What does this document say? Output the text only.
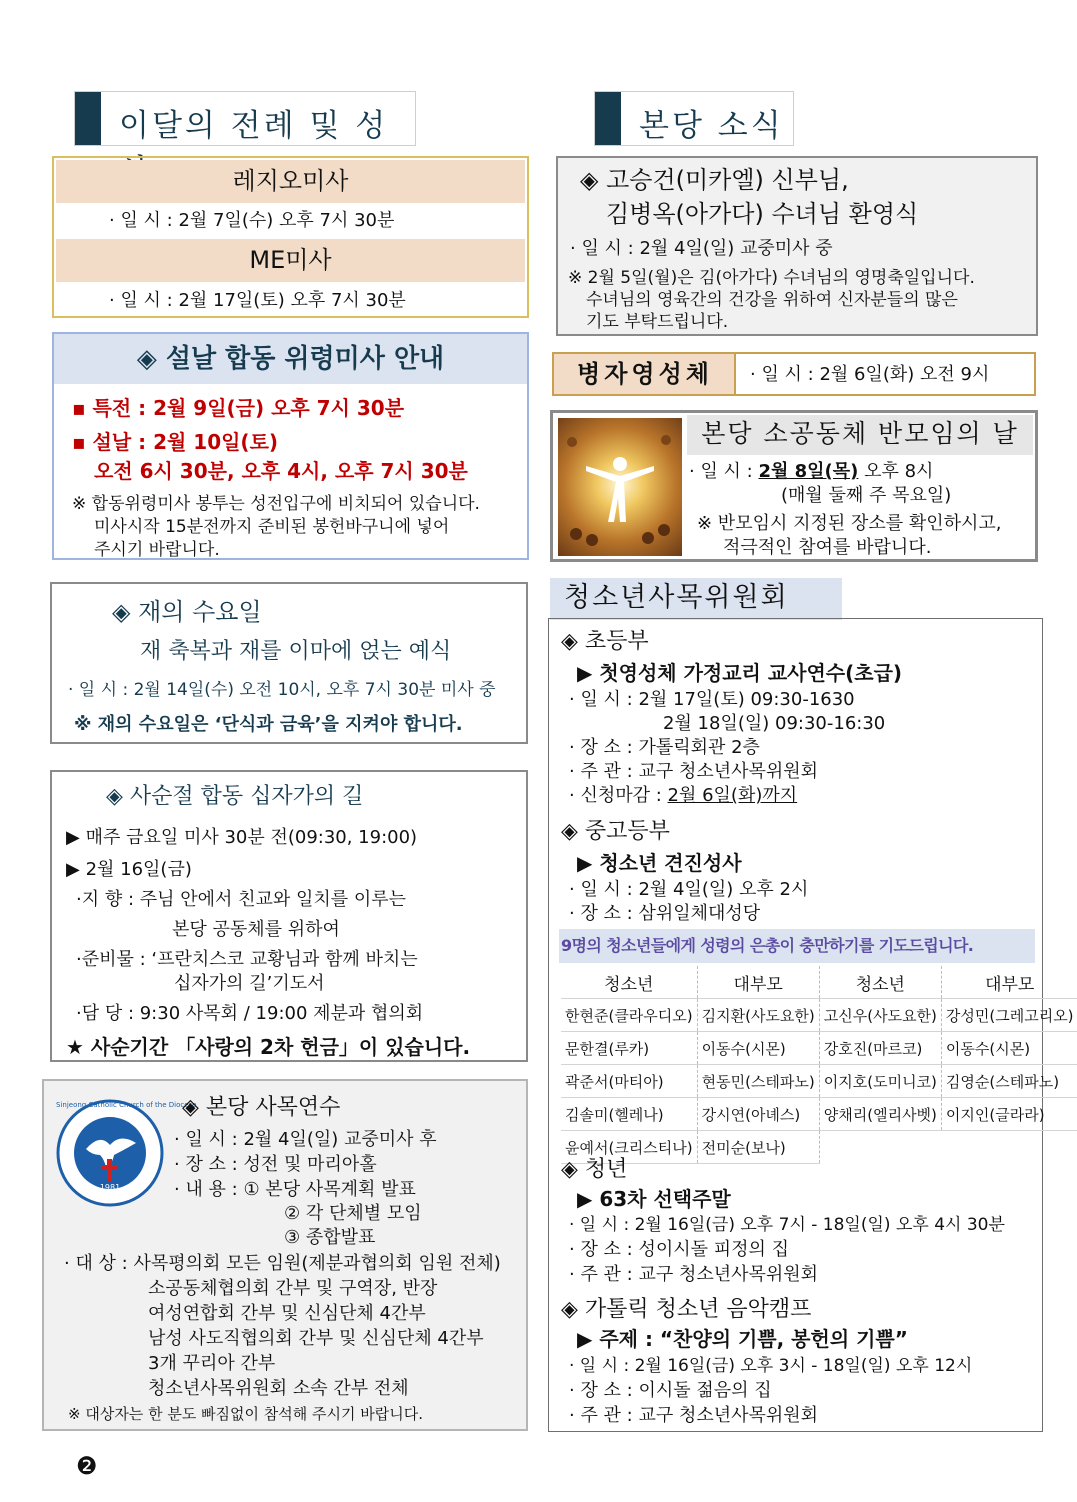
이달의 전례 및 성	본당 소식
레지오미사
· 일 시 : 2월 7일(수) 오후 7시 30분
ME미사
· 일 시 : 2월 17일(토) 오후 7시 30분
◈ 설날 합동 위령미사 안내
▪ 특전 : 2월 9일(금) 오후 7시 30분
▪ 설날 : 2월 10일(토)
오전 6시 30분, 오후 4시, 오후 7시 30분
※ 합동위령미사 봉투는 성전입구에 비치되어 있습니다.
미사시작 15분전까지 준비된 봉헌바구니에 넣어
주시기 바랍니다.
◈ 재의 수요일
재 축복과 재를 이마에 얹는 예식
· 일 시 : 2월 14일(수) 오전 10시, 오후 7시 30분 미사 중
※ 재의 수요일은 ‘단식과 금육’을 지켜야 합니다.
◈ 사순절 합동 십자가의 길
▶ 매주 금요일 미사 30분 전(09:30, 19:00)
▶ 2월 16일(금)
·지 향 : 주님 안에서 친교와 일치를 이루는
본당 공동체를 위하여
·준비물 : ‘프란치스코 교황님과 함께 바치는
십자가의 길’기도서
·담 당 : 9:30 사목회 / 19:00 제분과 협의회
★ 사순기간 「사랑의 2차 헌금」이 있습니다.
Sinjeong Catholic Church of the Diocese
1981
◈ 본당 사목연수
· 일 시 : 2월 4일(일) 교중미사 후
· 장 소 : 성전 및 마리아홀
· 내 용 : ① 본당 사목계획 발표
② 각 단체별 모임
③ 종합발표
· 대 상 : 사목평의회 모든 임원(제분과협의회 임원 전체)
소공동체협의회 간부 및 구역장, 반장
여성연합회 간부 및 신심단체 4간부
남성 사도직협의회 간부 및 신심단체 4간부
3개 꾸리아 간부
청소년사목위원회 소속 간부 전체
※ 대상자는 한 분도 빠짐없이 참석해 주시기 바랍니다.
◈ 고승건(미카엘) 신부님,
김병옥(아가다) 수녀님 환영식
· 일 시 : 2월 4일(일) 교중미사 중
※ 2월 5일(월)은 김(아가다) 수녀님의 영명축일입니다.
수녀님의 영육간의 건강을 위하여 신자분들의 많은
기도 부탁드립니다.
병자영성체	· 일 시 : 2월 6일(화) 오전 9시
본당 소공동체 반모임의 날
· 일 시 : 2월 8일(목) 오후 8시
(매월 둘째 주 목요일)
※ 반모임시 지정된 장소를 확인하시고,
적극적인 참여를 바랍니다.
청소년사목위원회
◈ 초등부
▶ 첫영성체 가정교리 교사연수(초급)
· 일 시 : 2월 17일(토) 09:30-1630
2월 18일(일) 09:30-16:30
· 장 소 : 가톨릭회관 2층
· 주 관 : 교구 청소년사목위원회
· 신청마감 : 2월 6일(화)까지
◈ 중고등부
▶ 청소년 견진성사
· 일 시 : 2월 4일(일) 오후 2시
· 장 소 : 삼위일체대성당
9명의 청소년들에게 성령의 은총이 충만하기를 기도드립니다.
청소년	대부모	청소년	대부모
한현준(클라우디오)	김지환(사도요한)	고신우(사도요한)	강성민(그레고리오)
문한결(루카)	이동수(시몬)	강호진(마르코)	이동수(시몬)
곽준서(마티아)	현동민(스테파노)	이지호(도미니코)	김영순(스테파노)
김솔미(헬레나)	강시연(아녜스)	양채리(엘리사벳)	이지인(글라라)
윤예서(크리스티나)	전미순(보나)		
◈ 청년
▶ 63차 선택주말
· 일 시 : 2월 16일(금) 오후 7시 - 18일(일) 오후 4시 30분
· 장 소 : 성이시돌 피정의 집
· 주 관 : 교구 청소년사목위원회
◈ 가톨릭 청소년 음악캠프
▶ 주제 : “찬양의 기쁨, 봉헌의 기쁨”
· 일 시 : 2월 16일(금) 오후 3시 - 18일(일) 오후 12시
· 장 소 : 이시돌 젊음의 집
· 주 관 : 교구 청소년사목위원회
❷
